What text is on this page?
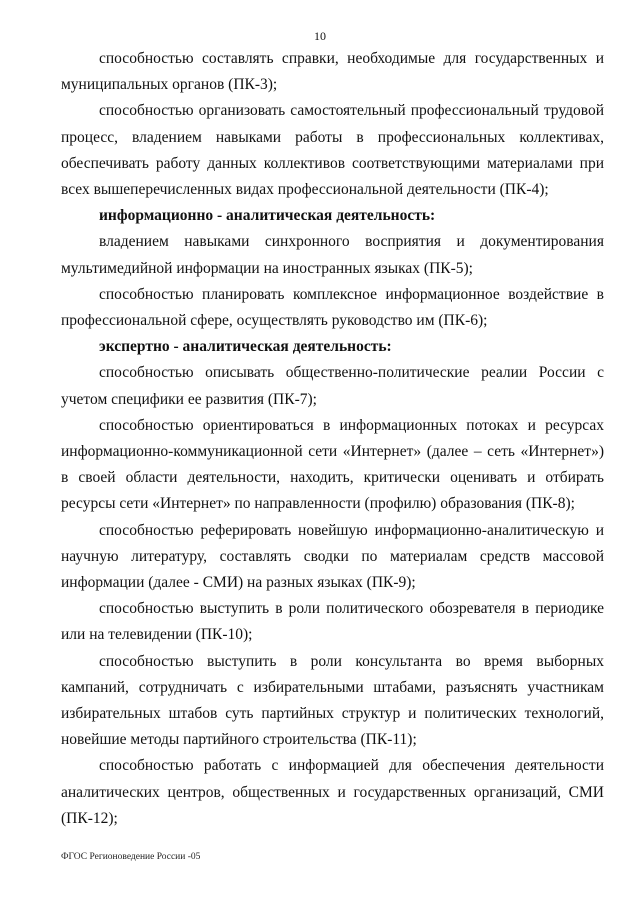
10

способностью составлять справки, необходимые для государственных и муниципальных органов (ПК-3);

способностью организовать самостоятельный профессиональный трудовой процесс, владением навыками работы в профессиональных коллективах, обеспечивать работу данных коллективов соответствующими материалами при всех вышеперечисленных видах профессиональной деятельности (ПК-4);

информационно - аналитическая деятельность:

владением навыками синхронного восприятия и документирования мультимедийной информации на иностранных языках (ПК-5);

способностью планировать комплексное информационное воздействие в профессиональной сфере, осуществлять руководство им (ПК-6);

экспертно - аналитическая деятельность:

способностью описывать общественно-политические реалии России с учетом специфики ее развития (ПК-7);

способностью ориентироваться в информационных потоках и ресурсах информационно-коммуникационной сети «Интернет» (далее – сеть «Интернет») в своей области деятельности, находить, критически оценивать и отбирать ресурсы сети «Интернет» по направленности (профилю) образования (ПК-8);

способностью реферировать новейшую информационно-аналитическую и научную литературу, составлять сводки по материалам средств массовой информации (далее - СМИ) на разных языках (ПК-9);

способностью выступить в роли политического обозревателя в периодике или на телевидении (ПК-10);

способностью выступить в роли консультанта во время выборных кампаний, сотрудничать с избирательными штабами, разъяснять участникам избирательных штабов суть партийных структур и политических технологий, новейшие методы партийного строительства (ПК-11);

способностью работать с информацией для обеспечения деятельности аналитических центров, общественных и государственных организаций, СМИ (ПК-12);

ФГОС Регионоведение России -05
